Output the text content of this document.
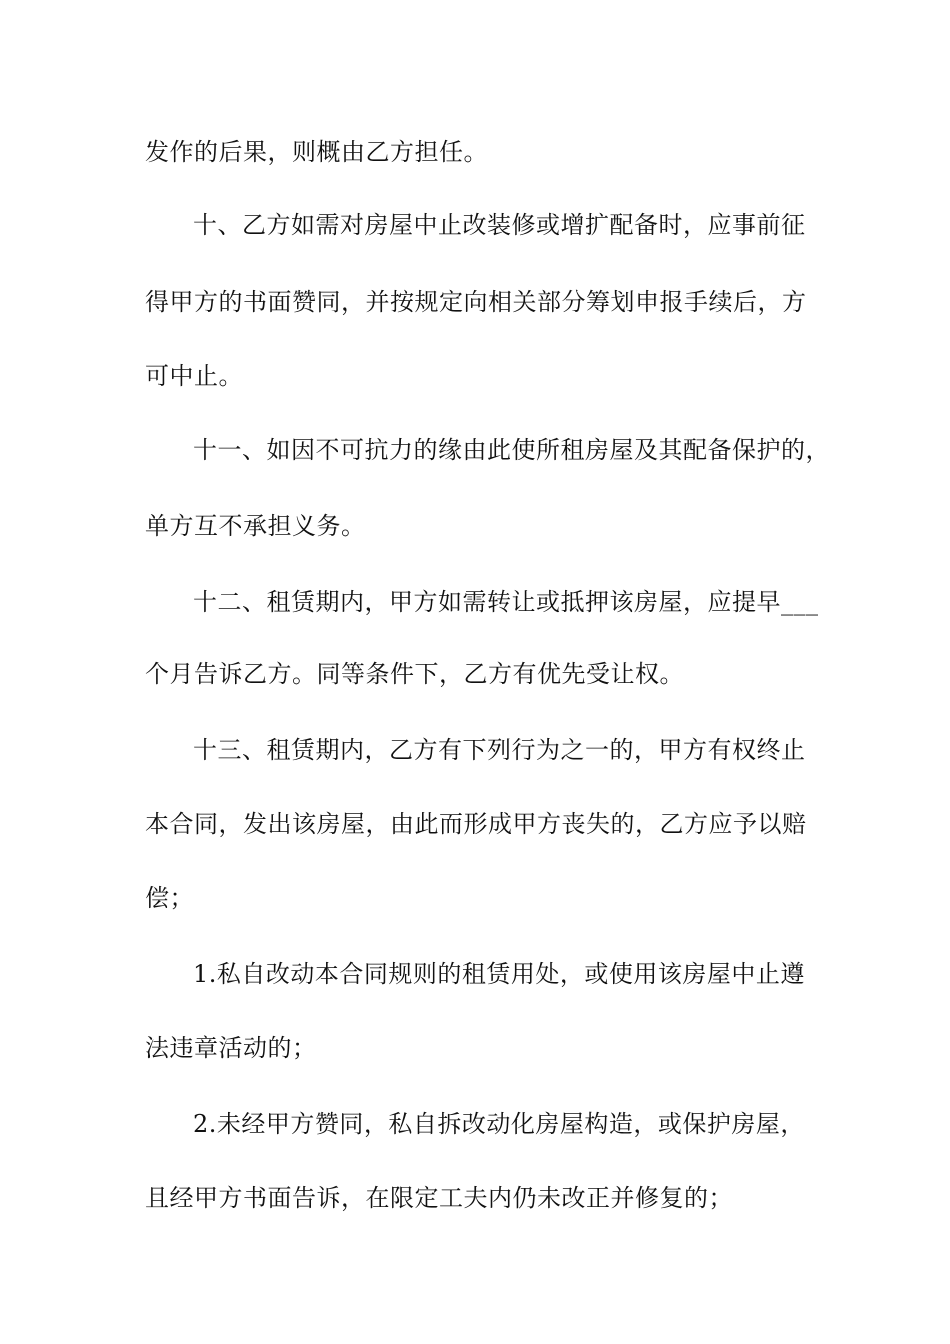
发作的后果，则概由乙方担任。
十、乙方如需对房屋中止改装修或增扩配备时，应事前征
得甲方的书面赞同，并按规定向相关部分筹划申报手续后，方
可中止。
十一、如因不可抗力的缘由此使所租房屋及其配备保护的，
单方互不承担义务。
十二、租赁期内，甲方如需转让或抵押该房屋，应提早___
个月告诉乙方。同等条件下，乙方有优先受让权。
十三、租赁期内，乙方有下列行为之一的，甲方有权终止
本合同，发出该房屋，由此而形成甲方丧失的，乙方应予以赔
偿；
1.私自改动本合同规则的租赁用处，或使用该房屋中止遵
法违章活动的；
2.未经甲方赞同，私自拆改动化房屋构造，或保护房屋，
且经甲方书面告诉，在限定工夫内仍未改正并修复的；
